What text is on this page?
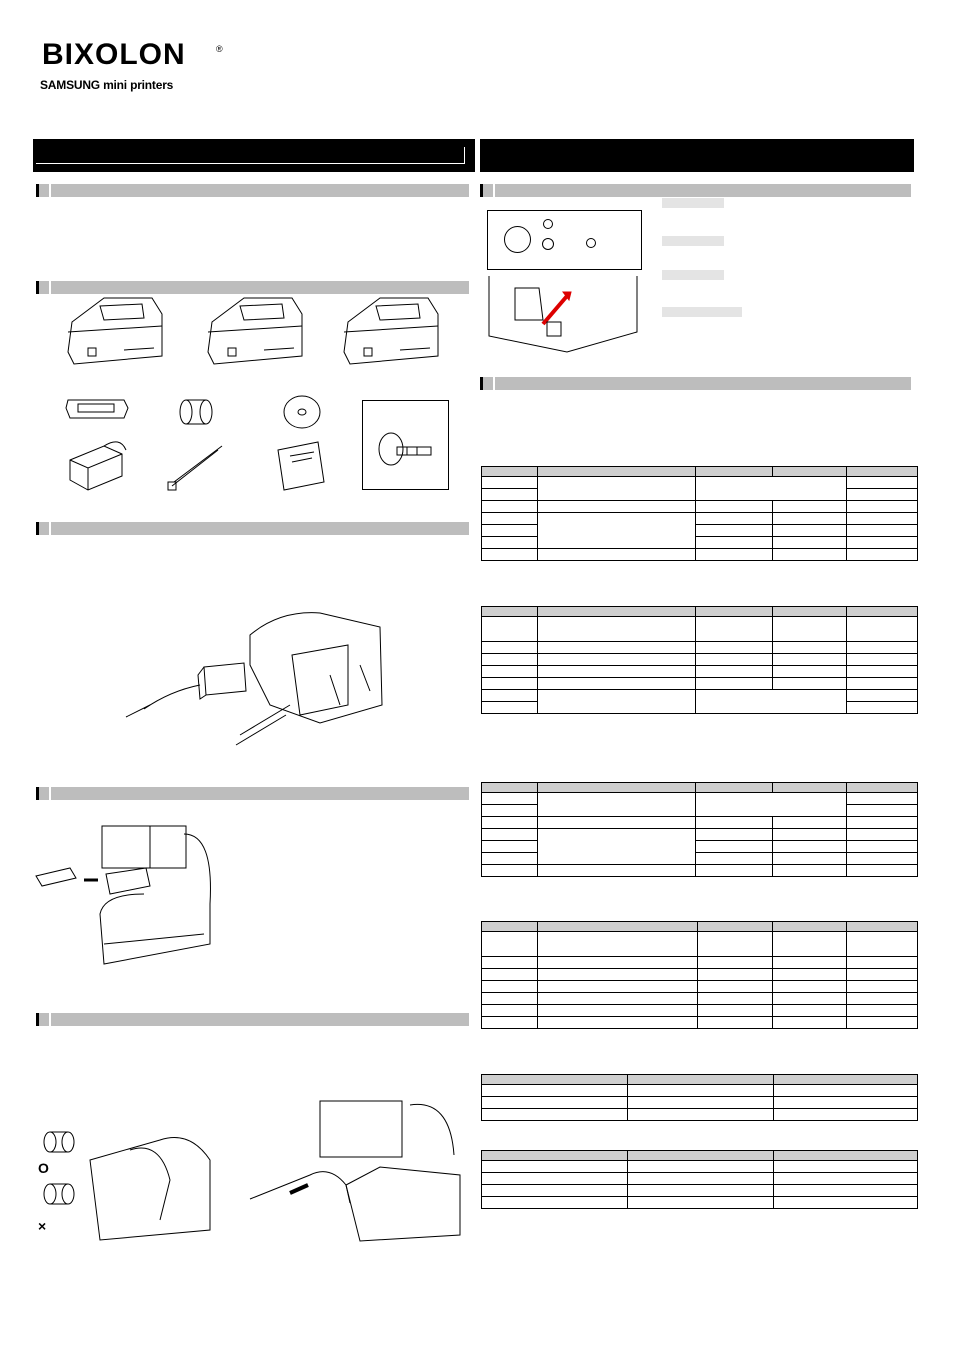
BIXOLON	®
SAMSUNG mini printers
O
×
